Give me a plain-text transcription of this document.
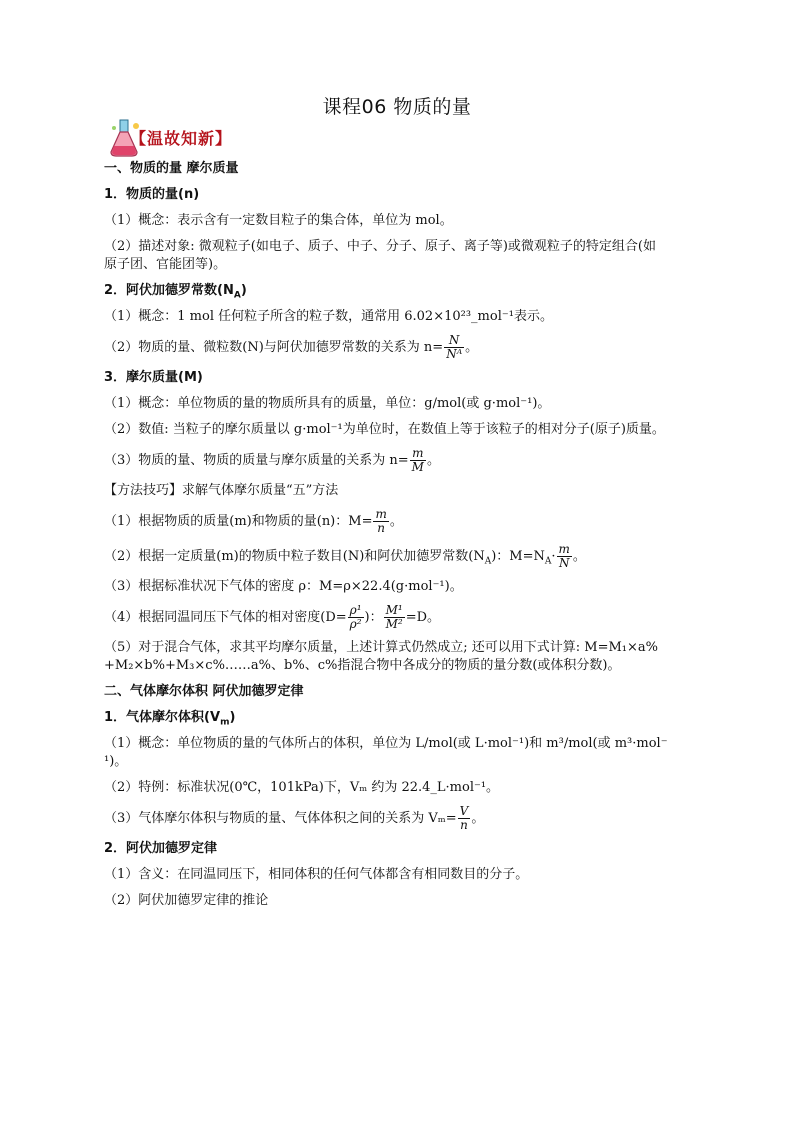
课程06 物质的量
【温故知新】
一、物质的量 摩尔质量
1．物质的量(n)
（1）概念：表示含有一定数目粒子的集合体，单位为 mol。
（2）描述对象: 微观粒子(如电子、质子、中子、分子、原子、离子等)或微观粒子的特定组合(如
原子团、官能团等)。
2．阿伏加德罗常数$(N_A)$
（1）概念：1 mol 任何粒子所含的粒子数，通常用 6.02×10²³_mol⁻¹表示。
（2）物质的量、微粒数(N)与阿伏加德罗常数的关系为 $n= \frac{N}{\text{Nᴬ}}$ 。
3．摩尔质量(M)
（1）概念：单位物质的量的物质所具有的质量，单位：g/mol(或 g·mol⁻¹)。
（2）数值: 当粒子的摩尔质量以 g·mol⁻¹为单位时，在数值上等于该粒子的相对分子(原子)质量。
（3）物质的量、物质的质量与摩尔质量的关系为 $n= \frac{m}{M}$ 。
【方法技巧】求解气体摩尔质量“五”方法
（1）根据物质的质量(m)和物质的量(n)：$M= \frac{m}{n}$ 。
（2）根据一定质量(m)的物质中粒子数目(N)和阿伏加德罗常数$(N_A)$：$M=N_A\cdot \frac{m}{N}$ 。
（3）根据标准状况下气体的密度 ρ：M=ρ×22.4(g·mol⁻¹)。
（4）根据同温同压下气体的相对密度($D= \frac{\text{ρ¹}}{\text{ρ²}}$ )： $\frac{\text{M¹}}{\text{M²}} =D$。
（5）对于混合气体，求其平均摩尔质量，上述计算式仍然成立; 还可以用下式计算: M=M₁×a%
+M₂×b%+M₃×c%……a%、b%、c%指混合物中各成分的物质的量分数(或体积分数)。
二、气体摩尔体积 阿伏加德罗定律
1．气体摩尔体积$(V_m)$
（1）概念：单位物质的量的气体所占的体积，单位为 L/mol(或 L·mol⁻¹)和 m³/mol(或 m³·mol⁻
¹)。
（2）特例：标准状况(0℃，101kPa)下，Vₘ 约为 22.4_L·mol⁻¹。
（3）气体摩尔体积与物质的量、气体体积之间的关系为 $V_m= \frac{V}{n}$ 。
2．阿伏加德罗定律
（1）含义：在同温同压下，相同体积的任何气体都含有相同数目的分子。
（2）阿伏加德罗定律的推论
